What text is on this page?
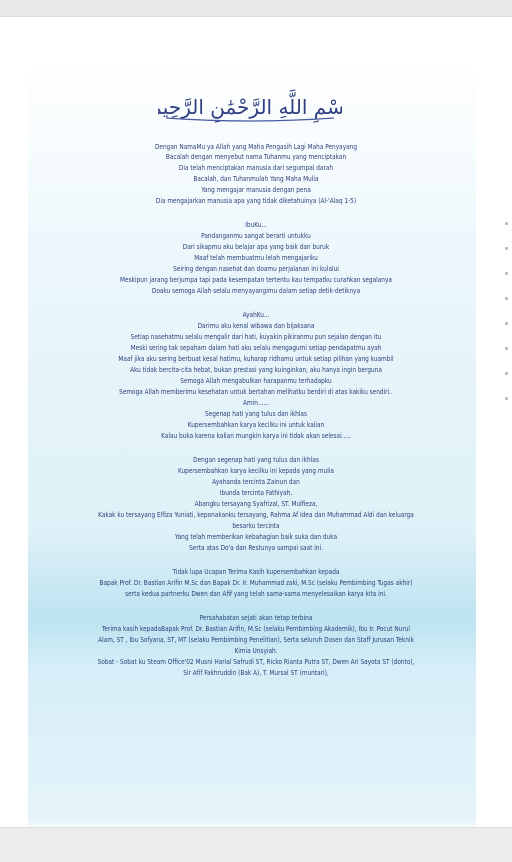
بِسْمِ اللَّهِ الرَّحْمَٰنِ الرَّحِيمِ
Dengan NamaMu ya Allah yang Maha Pengasih Lagi Maha Penyayang
Bacalah dengan menyebut nama Tuhanmu yang menciptakan
Dia telah menciptakan manusia dari segumpal darah
Bacalah, dan Tuhanmulah Yang Maha Mulia
Yang mengajar manusia dengan pena
Dia mengajarkan manusia apa yang tidak diketahuinya (Al-'Alaq 1-5)
IbuKu...
Pandanganmu sangat berarti untukku
Dari sikapmu aku belajar apa yang baik dan buruk
Maaf telah membuatmu lelah mengajariku
Seiring dengan nasehat dan doamu perjalanan ini kulalui
Meskipun jarang berjumpa tapi pada kesempatan tertentu kau tempatku curahkan segalanya
Doaku semoga Allah selalu menyayangimu dalam setiap detik-detiknya
AyahKu...
Darimu aku kenal wibawa dan bijaksana
Setiap nasehatmu selalu mengalir dari hati, kuyakin pikiranmu pun sejalan dengan itu
Meski sering tak sepaham dalam hati aku selalu mengagumi setiap pendapatmu ayah
Maaf jika aku sering berbuat kesal hatimu, kuharap ridhamu untuk setiap pilihan yang kuambil
Aku tidak bercita-cita hebat, bukan prestasi yang kuinginkan, aku hanya ingin berguna
Semoga Allah mengabulkan harapanmu terhadapku
Semoga Allah memberimu kesehatan untuk bertahan melihatku berdiri di atas kakiku sendiri..
Amin......
Segenap hati yang tulus dan ikhlas
Kupersembahkan karya kecilku ini untuk kalian
Kalau buka karena kalian mungkin karya ini tidak akan selesai.....
Dengan segenap hati yang tulus dan ikhlas
Kupersembahkan karya kecilku ini kepada yang mulia
Ayahanda tercinta Zainun dan
Ibunda tercinta Fathiyah.
Abangku tersayang Syafrizal, ST. Mulfieza,
Kakak ku tersayang Elfiza Yuniati, keponakanku tersayang, Rahma Af Idea dan Muhammad Aldi dan keluarga
besarku tercinta
Yang telah memberikan kebahagian baik suka dan duka
Serta atas Do'a dan Restunya sampai saat ini.
Tidak lupa Ucapan Terima Kasih kupersembahkan kepada
Bapak Prof. Dr. Bastian Arifin M.Sc dan Bapak Dr. Ir. Muhammad zaki, M.Sc (selaku Pembimbing Tugas akhir)
serta kedua partnerku Dwen dan Afif yang telah sama-sama menyelesaikan karya kita ini.
Persahabatan sejati akan tetap terbina
Terima kasih kepadaBapak Prof. Dr. Bastian Arifin, M.Sc (selaku Pembimbing Akademik), Ibu Ir. Pocut Nurul
Alam, ST , Ibu Sofyana, ST, MT (selaku Pembimbing Penelitian), Serta seluruh Dosen dan Staff Jurusan Teknik
Kimia Unsyiah.
Sobat - Sobat ku Steam Office'02 Musni Harial Safrudi ST, Ricko Rianta Putra ST, Dwen Ari Sayota ST (donto),
Sir Afif Fakhruddin (Bak A), T. Mursal ST (muntari),
